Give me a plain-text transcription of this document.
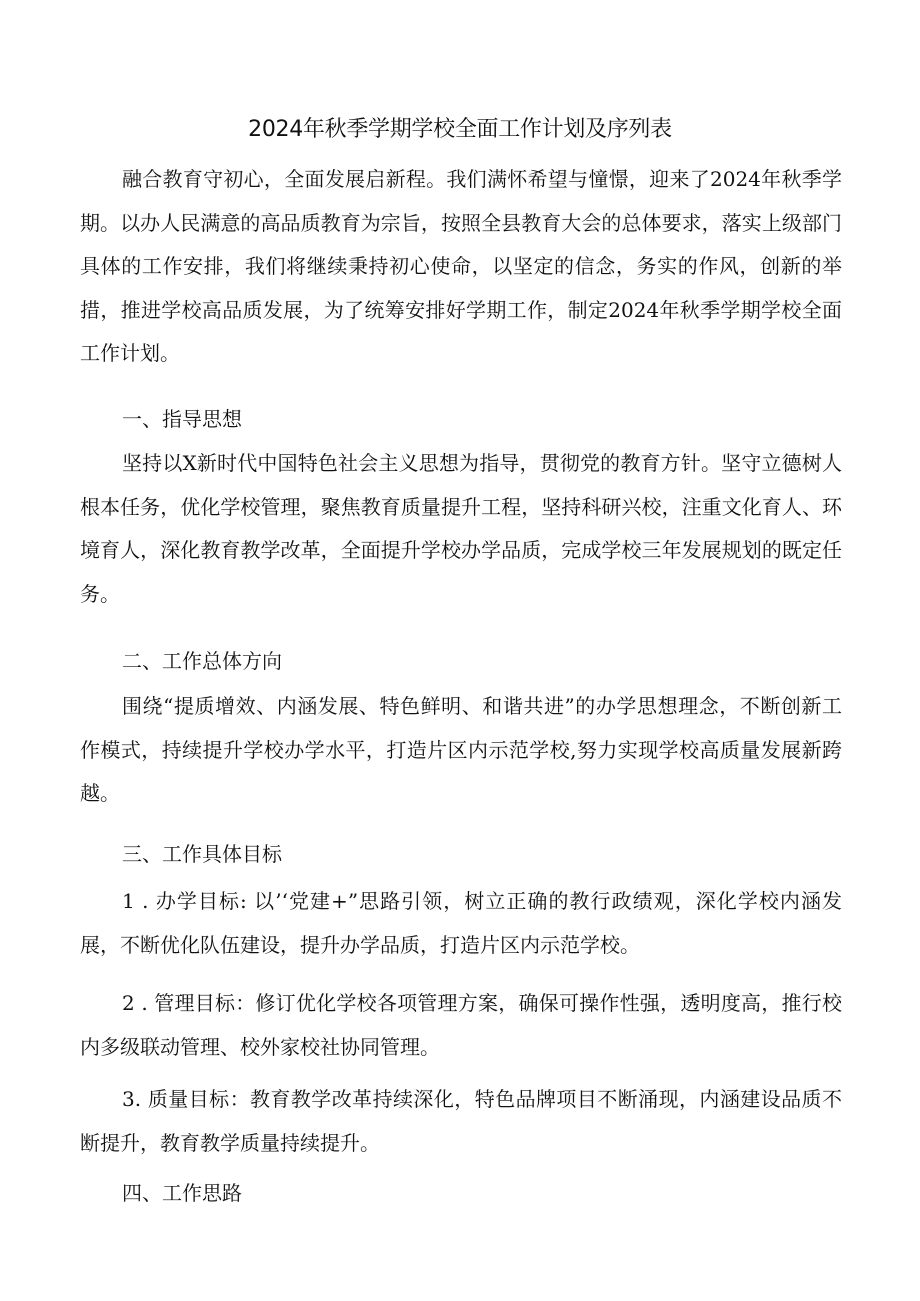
2024年秋季学期学校全面工作计划及序列表

融合教育守初心，全面发展启新程。我们满怀希望与憧憬，迎来了2024年秋季学期。以办人民满意的高品质教育为宗旨，按照全县教育大会的总体要求，落实上级部门具体的工作安排，我们将继续秉持初心使命，以坚定的信念，务实的作风，创新的举措，推进学校高品质发展，为了统筹安排好学期工作，制定2024年秋季学期学校全面工作计划。

一、指导思想

坚持以X新时代中国特色社会主义思想为指导，贯彻党的教育方针。坚守立德树人根本任务，优化学校管理，聚焦教育质量提升工程，坚持科研兴校，注重文化育人、环境育人，深化教育教学改革，全面提升学校办学品质，完成学校三年发展规划的既定任务。

二、工作总体方向

围绕“提质增效、内涵发展、特色鲜明、和谐共进”的办学思想理念，不断创新工作模式，持续提升学校办学水平，打造片区内示范学校,努力实现学校高质量发展新跨越。

三、工作具体目标

1 . 办学目标: 以’‘党建+”思路引领，树立正确的教行政绩观，深化学校内涵发展，不断优化队伍建设，提升办学品质，打造片区内示范学校。

2 . 管理目标：修订优化学校各项管理方案，确保可操作性强，透明度高，推行校内多级联动管理、校外家校社协同管理。

3. 质量目标：教育教学改革持续深化，特色品牌项目不断涌现，内涵建设品质不断提升，教育教学质量持续提升。

四、工作思路
